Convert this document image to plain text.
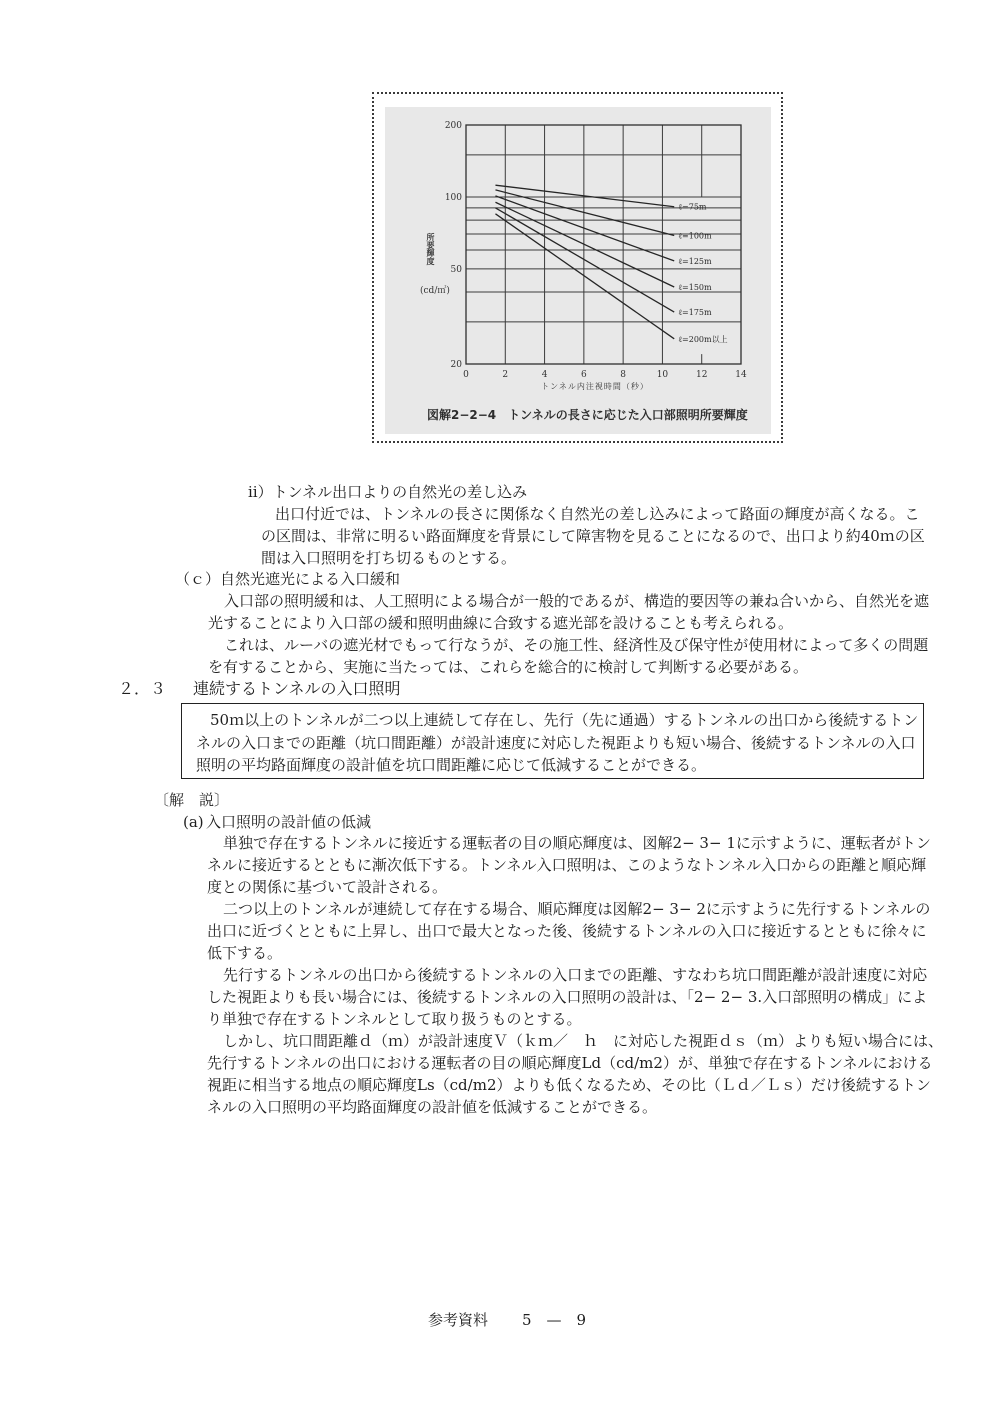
20
50
100
200
0	2	4	6	8	10	12	14
ℓ=75m
ℓ=100m
ℓ=125m
ℓ=150m
ℓ=175m
ℓ=200m以上
所要輝度
(cd/㎡)
トンネル内注視時間（秒）
図解2−2−4　トンネルの長さに応じた入口部照明所要輝度
ⅱ）トンネル出口よりの自然光の差し込み
出口付近では、トンネルの長さに関係なく自然光の差し込みによって路面の輝度が高くなる。こ
の区間は、非常に明るい路面輝度を背景にして障害物を見ることになるので、出口より約40ｍの区
間は入口照明を打ち切るものとする。
（ｃ）自然光遮光による入口緩和
入口部の照明緩和は、人工照明による場合が一般的であるが、構造的要因等の兼ね合いから、自然光を遮
光することにより入口部の緩和照明曲線に合致する遮光部を設けることも考えられる。
これは、ルーバの遮光材でもって行なうが、その施工性、経済性及び保守性が使用材によって多くの問題
を有することから、実施に当たっては、これらを総合的に検討して判断する必要がある。
２．３ 連続するトンネルの入口照明
50ｍ以上のトンネルが二つ以上連続して存在し、先行（先に通過）するトンネルの出口から後続するトン
ネルの入口までの距離（坑口間距離）が設計速度に対応した視距よりも短い場合、後続するトンネルの入口
照明の平均路面輝度の設計値を坑口間距離に応じて低減することができる。
〔解　説〕
(a) 入口照明の設計値の低減
単独で存在するトンネルに接近する運転者の目の順応輝度は、図解2− 3− 1に示すように、運転者がトン
ネルに接近するとともに漸次低下する。トンネル入口照明は、このようなトンネル入口からの距離と順応輝
度との関係に基づいて設計される。
二つ以上のトンネルが連続して存在する場合、順応輝度は図解2− 3− 2に示すように先行するトンネルの
出口に近づくとともに上昇し、出口で最大となった後、後続するトンネルの入口に接近するとともに徐々に
低下する。
先行するトンネルの出口から後続するトンネルの入口までの距離、すなわち坑口間距離が設計速度に対応
した視距よりも長い場合には、後続するトンネルの入口照明の設計は、「2− 2− 3.入口部照明の構成」によ
り単独で存在するトンネルとして取り扱うものとする。
しかし、坑口間距離ｄ（ｍ）が設計速度Ｖ（ｋｍ／　ｈ　に対応した視距ｄｓ（ｍ）よりも短い場合には、
先行するトンネルの出口における運転者の目の順応輝度Ld（cd/m2）が、単独で存在するトンネルにおける
視距に相当する地点の順応輝度Ls（cd/m2）よりも低くなるため、その比（Ｌｄ／Ｌｓ）だけ後続するトン
ネルの入口照明の平均路面輝度の設計値を低減することができる。
参考資料 5　—　9
